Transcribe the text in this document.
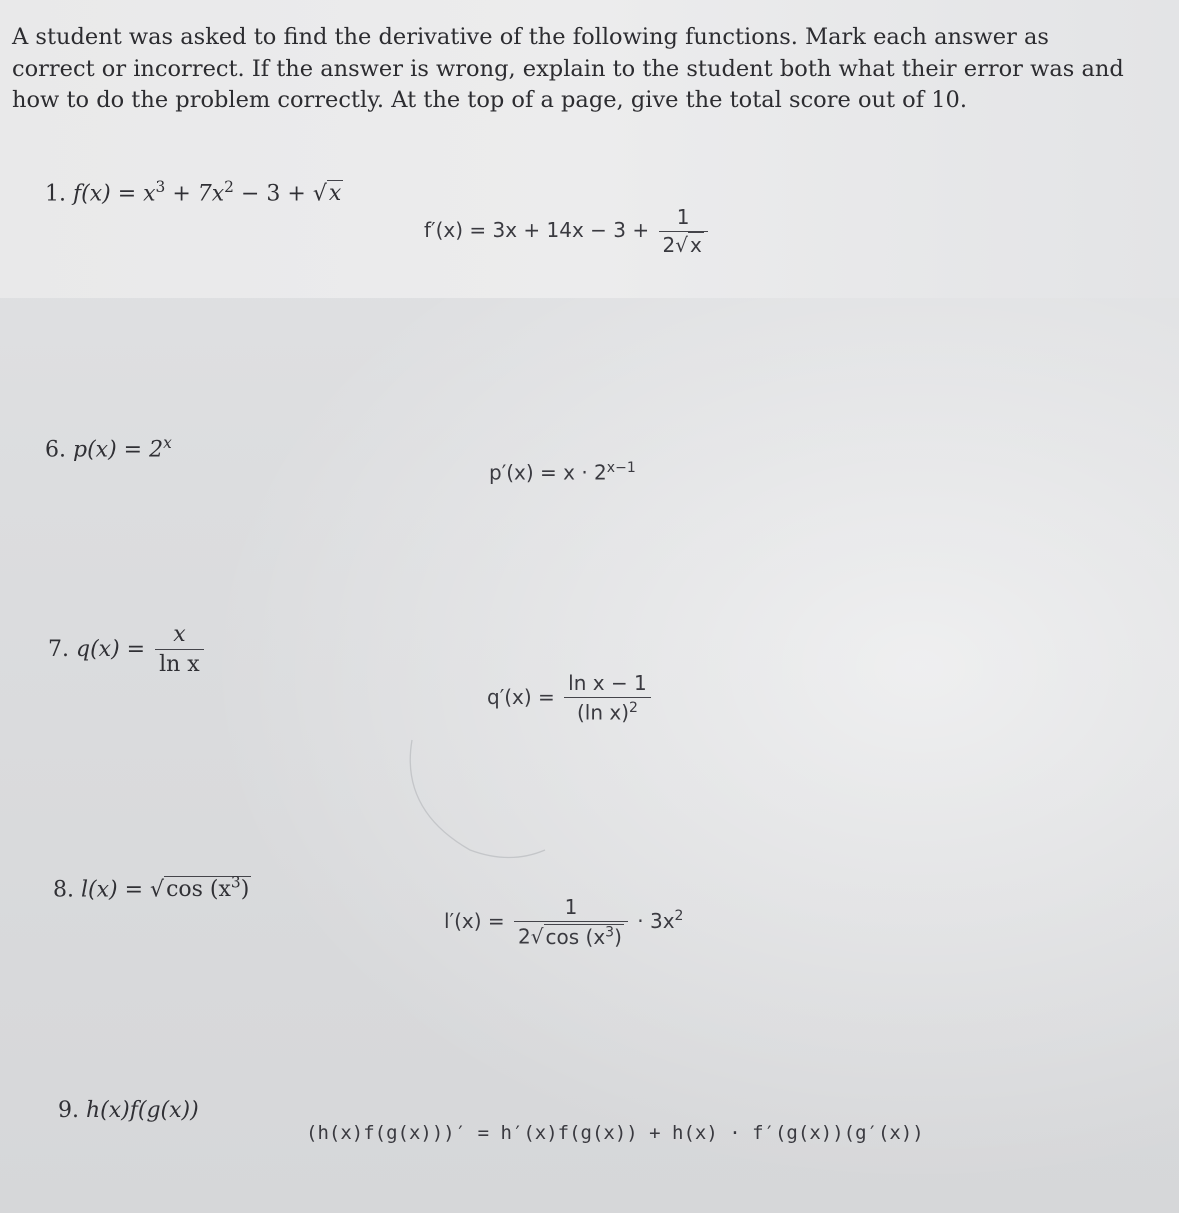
A student was asked to find the derivative of the following functions. Mark each answer as correct or incorrect. If the answer is wrong, explain to the student both what their error was and how to do the problem correctly. At the top of a page, give the total score out of 10.

1. $f(x) = x^3 + 7x^2 - 3 + √x$
$f'(x) = 3x + 14x - 3 + \frac{1}{2√ x}$
6. $p(x) = 2^x$
$p'(x) = x \cdot 2^{x-1}$
7. $q(x) = \frac{x}{\text{ln x}}$
$q'(x) = \frac{\text{ln x − 1}}{(\ln x)^2}$
8. l(x) = √cos $(x^3)$
$l'(x) = \frac{1}{2√ \cos (x^3)} \cdot 3x^2$
9. h(x)f(g(x))
(h(x)f(g(x)))′ = h′(x)f(g(x)) + h(x) · f′(g(x))(g′(x))
